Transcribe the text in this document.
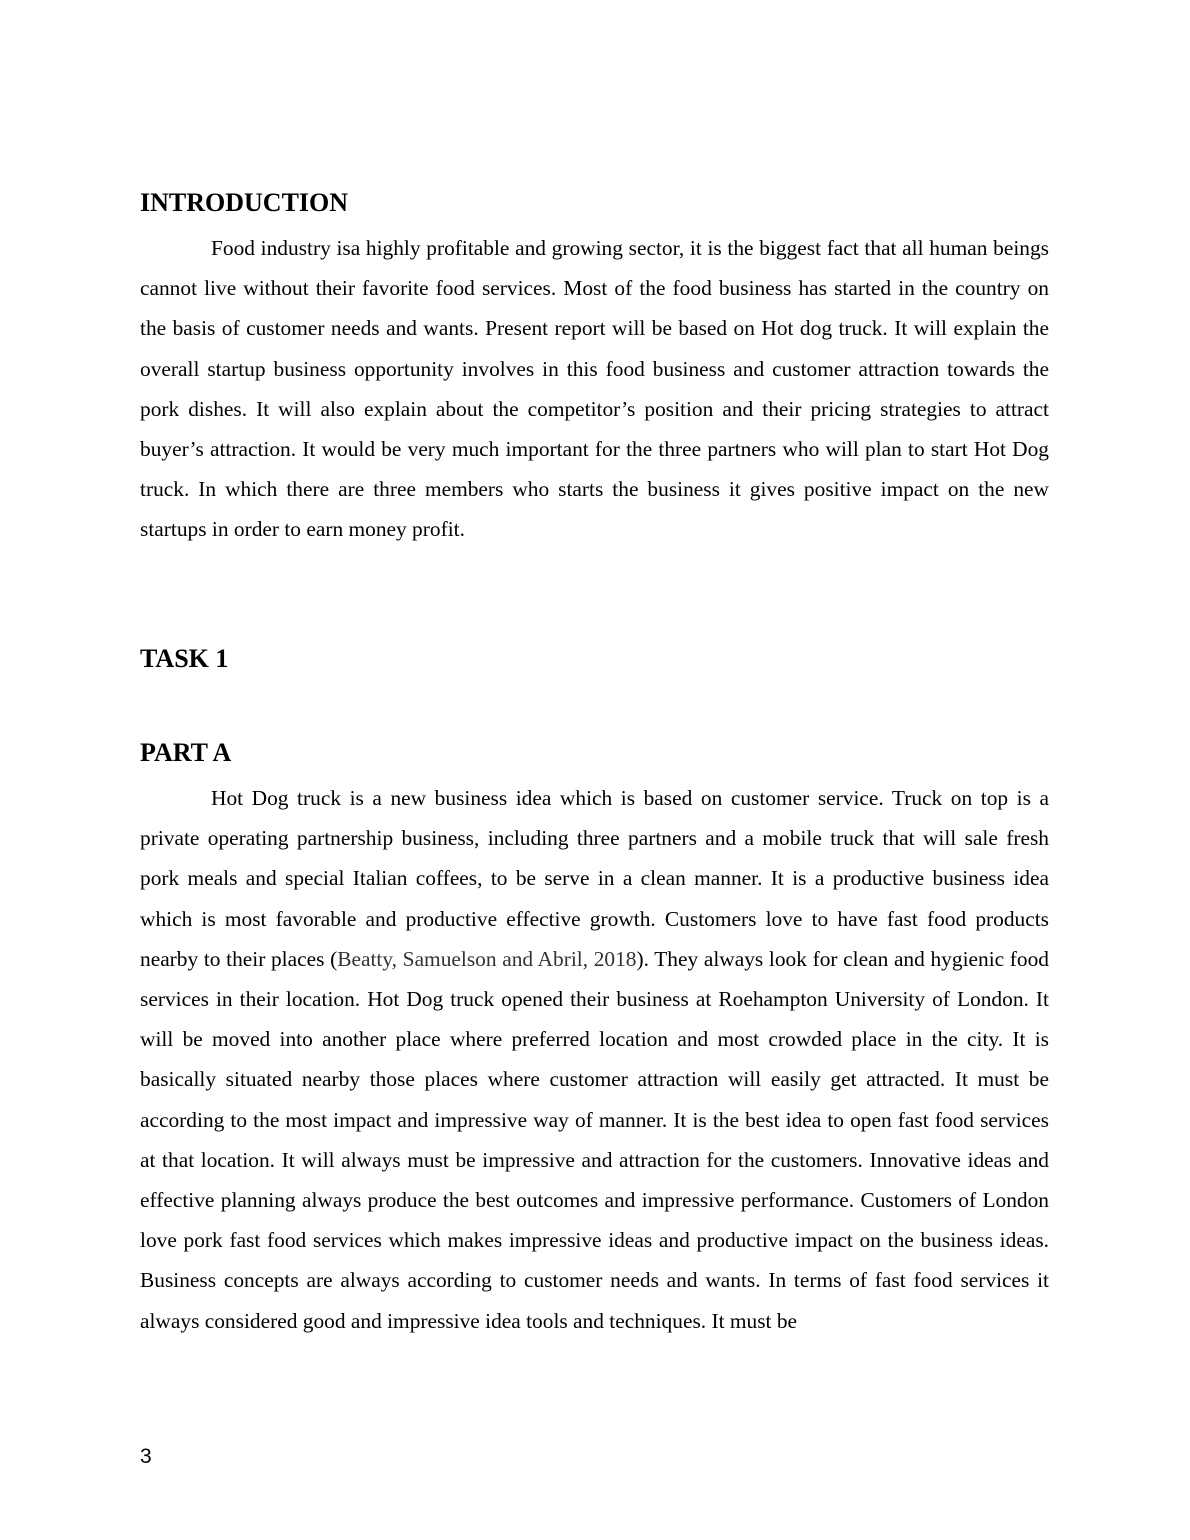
INTRODUCTION

Food industry isa highly profitable and growing sector, it is the biggest fact that all human beings cannot live without their favorite food services. Most of the food business has started in the country on the basis of customer needs and wants. Present report will be based on Hot dog truck. It will explain the overall startup business opportunity involves in this food business and customer attraction towards the pork dishes. It will also explain about the competitor’s position and their pricing strategies to attract buyer’s attraction. It would be very much important for the three partners who will plan to start Hot Dog truck. In which there are three members who starts the business it gives positive impact on the new startups in order to earn money profit.

TASK 1
PART A

Hot Dog truck is a new business idea which is based on customer service. Truck on top is a private operating partnership business, including three partners and a mobile truck that will sale fresh pork meals and special Italian coffees, to be serve in a clean manner. It is a productive business idea which is most favorable and productive effective growth. Customers love to have fast food products nearby to their places (Beatty, Samuelson and Abril, 2018). They always look for clean and hygienic food services in their location. Hot Dog truck opened their business at Roehampton University of London. It will be moved into another place where preferred location and most crowded place in the city. It is basically situated nearby those places where customer attraction will easily get attracted. It must be according to the most impact and impressive way of manner. It is the best idea to open fast food services at that location. It will always must be impressive and attraction for the customers. Innovative ideas and effective planning always produce the best outcomes and impressive performance. Customers of London love pork fast food services which makes impressive ideas and productive impact on the business ideas. Business concepts are always according to customer needs and wants. In terms of fast food services it always considered good and impressive idea tools and techniques. It must be

3
